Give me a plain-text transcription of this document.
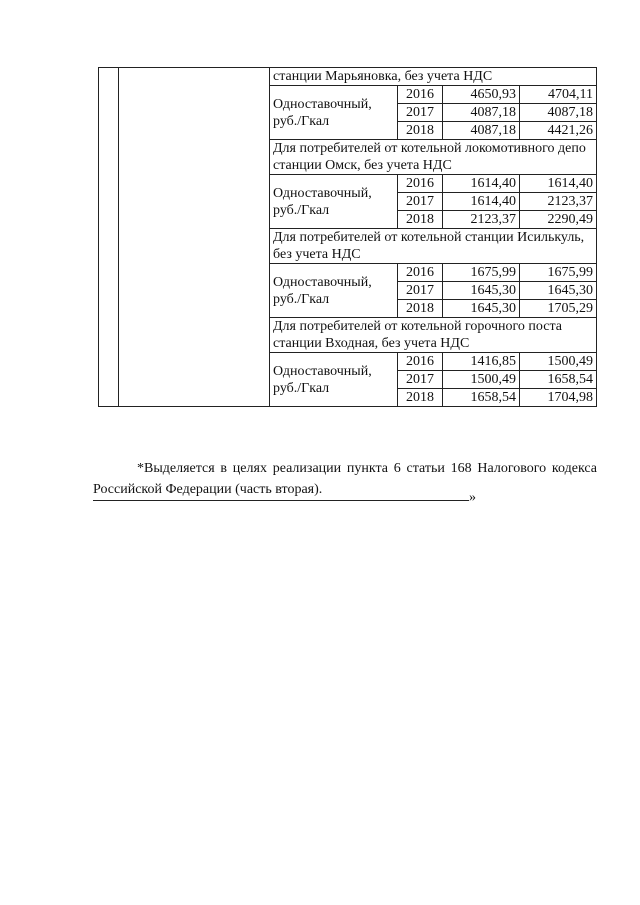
		станции Марьяновка, без учета НДС			
		Одноставочный, руб./Гкал	2016	4650,93	4704,11
			2017	4087,18	4087,18
			2018	4087,18	4421,26
		Для потребителей от котельной локомотивного депо станции Омск, без учета НДС			
		Одноставочный, руб./Гкал	2016	1614,40	1614,40
			2017	1614,40	2123,37
			2018	2123,37	2290,49
		Для потребителей от котельной станции Исилькуль, без учета НДС			
		Одноставочный, руб./Гкал	2016	1675,99	1675,99
			2017	1645,30	1645,30
			2018	1645,30	1705,29
		Для потребителей от котельной горочного поста станции Входная, без учета НДС			
		Одноставочный, руб./Гкал	2016	1416,85	1500,49
			2017	1500,49	1658,54
			2018	1658,54	1704,98

*Выделяется в целях реализации пункта 6 статьи 168 Налогового кодекса Российской Федерации (часть вторая).

»
